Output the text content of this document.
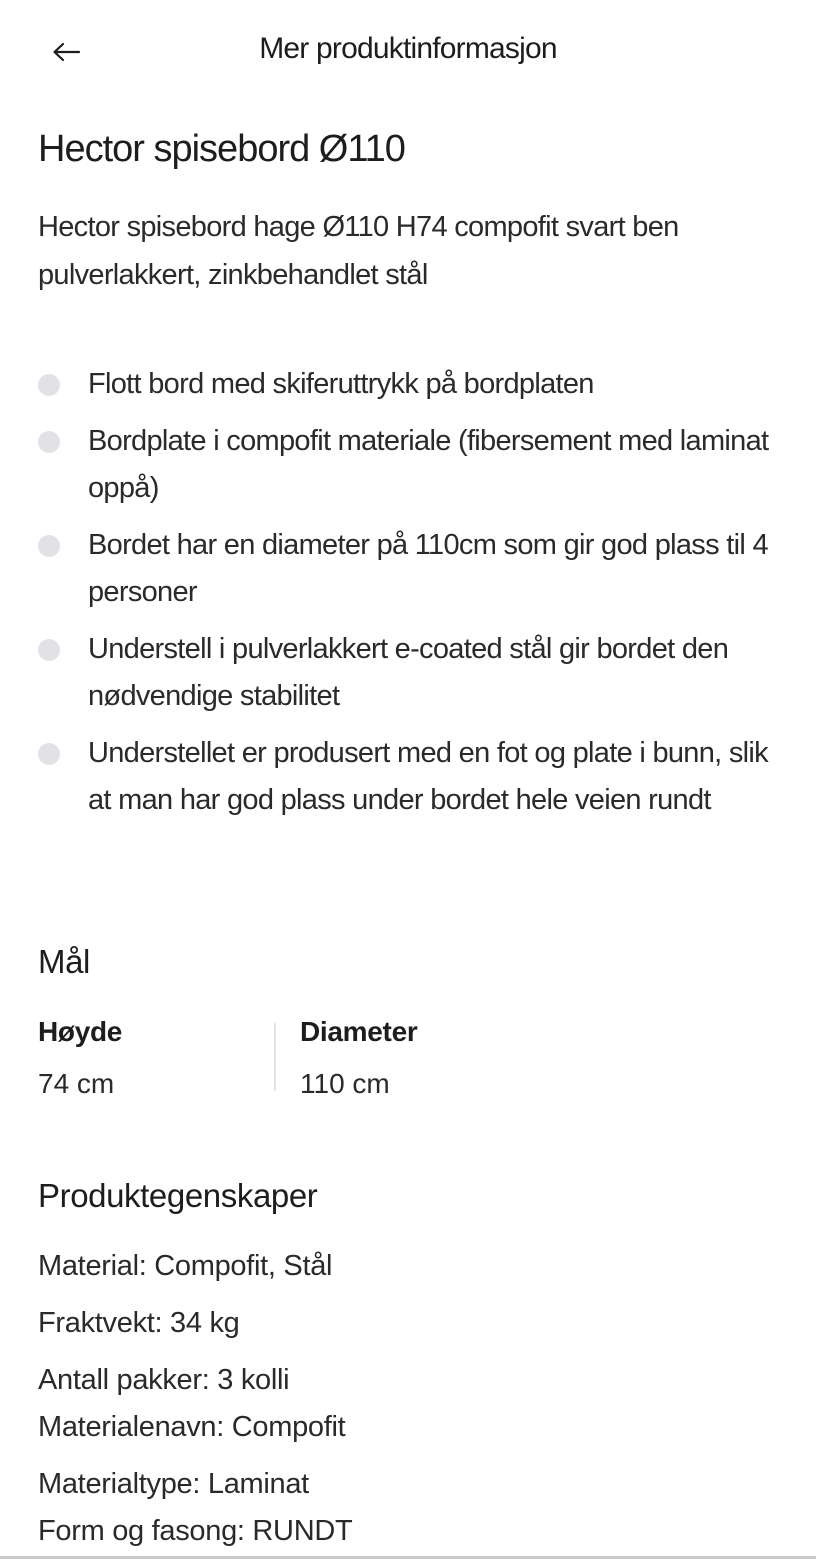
Mer produktinformasjon
Hector spisebord Ø110
Hector spisebord hage Ø110 H74 compofit svart ben pulverlakkert, zinkbehandlet stål
Flott bord med skiferuttrykk på bordplaten
Bordplate i compofit materiale (fibersement med laminat oppå)
Bordet har en diameter på 110cm som gir god plass til 4 personer
Understell i pulverlakkert e-coated stål gir bordet den nødvendige stabilitet
Understellet er produsert med en fot og plate i bunn, slik at man har god plass under bordet hele veien rundt
Mål
Høyde
74 cm
Diameter
110 cm
Produktegenskaper
Material: Compofit, Stål
Fraktvekt: 34 kg
Antall pakker: 3 kolli
Materialenavn: Compofit
Materialtype: Laminat
Form og fasong: RUNDT
